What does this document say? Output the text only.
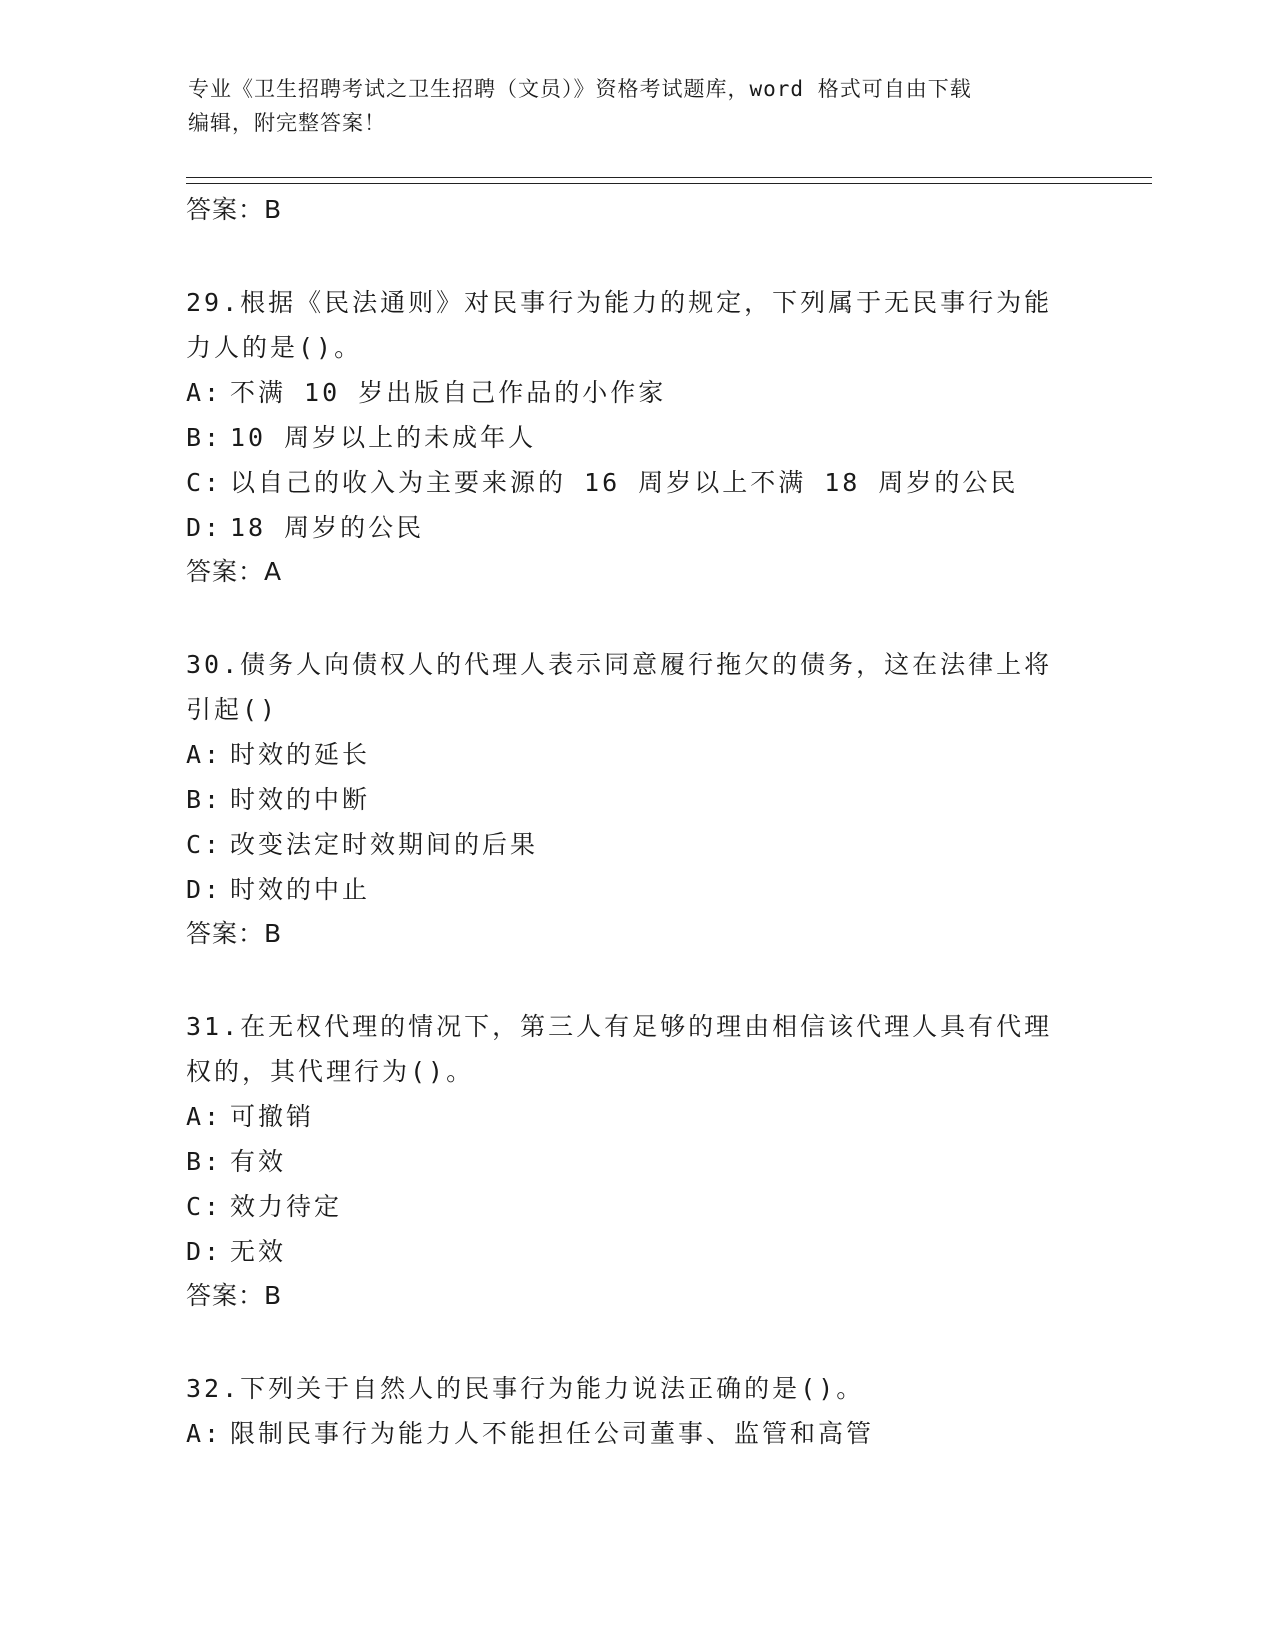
专业《卫生招聘考试之卫生招聘（文员）》资格考试题库，word 格式可自由下载
编辑，附完整答案！
答案：B
29.根据《民法通则》对民事行为能力的规定，下列属于无民事行为能
力人的是()。
A: 不满 10 岁出版自己作品的小作家
B: 10 周岁以上的未成年人
C: 以自己的收入为主要来源的 16 周岁以上不满 18 周岁的公民
D: 18 周岁的公民
答案：A
30.债务人向债权人的代理人表示同意履行拖欠的债务，这在法律上将
引起()
A: 时效的延长
B: 时效的中断
C: 改变法定时效期间的后果
D: 时效的中止
答案：B
31.在无权代理的情况下，第三人有足够的理由相信该代理人具有代理
权的，其代理行为()。
A: 可撤销
B: 有效
C: 效力待定
D: 无效
答案：B
32.下列关于自然人的民事行为能力说法正确的是()。
A: 限制民事行为能力人不能担任公司董事、监管和高管
